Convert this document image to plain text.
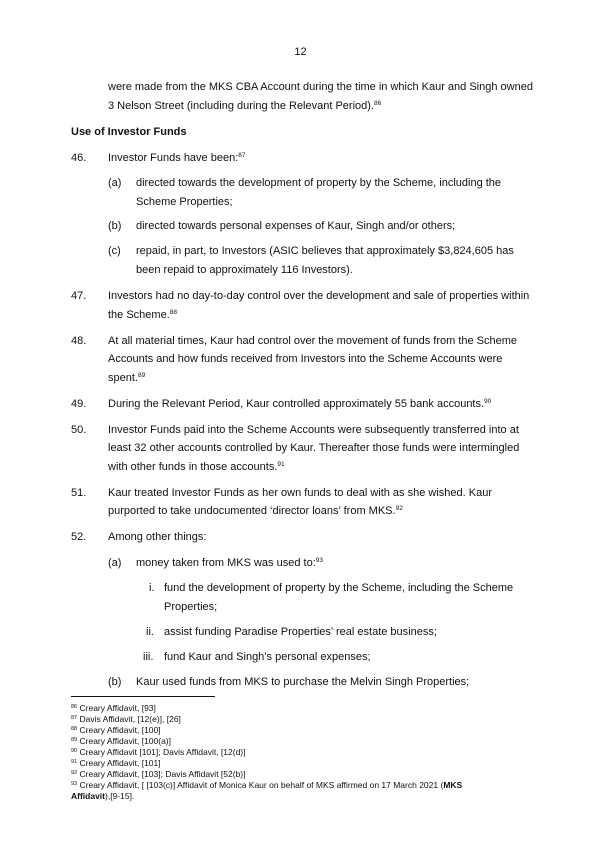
12
were made from the MKS CBA Account during the time in which Kaur and Singh owned
3 Nelson Street (including during the Relevant Period).$^{86}$
Use of Investor Funds
46. Investor Funds have been:$^{87}$
(a) directed towards the development of property by the Scheme, including the
Scheme Properties;
(b) directed towards personal expenses of Kaur, Singh and/or others;
(c) repaid, in part, to Investors (ASIC believes that approximately $3,824,605 has
been repaid to approximately 116 Investors).
47. Investors had no day-to-day control over the development and sale of properties within
the Scheme.$^{88}$
48. At all material times, Kaur had control over the movement of funds from the Scheme
Accounts and how funds received from Investors into the Scheme Accounts were
spent.$^{89}$
49. During the Relevant Period, Kaur controlled approximately 55 bank accounts.$^{90}$
50. Investor Funds paid into the Scheme Accounts were subsequently transferred into at
least 32 other accounts controlled by Kaur. Thereafter those funds were intermingled
with other funds in those accounts.$^{91}$
51. Kaur treated Investor Funds as her own funds to deal with as she wished. Kaur
purported to take undocumented ‘director loans’ from MKS.$^{92}$
52. Among other things:
(a) money taken from MKS was used to:$^{93}$
i. fund the development of property by the Scheme, including the Scheme
Properties;
ii. assist funding Paradise Properties’ real estate business;
iii. fund Kaur and Singh’s personal expenses;
(b) Kaur used funds from MKS to purchase the Melvin Singh Properties;
$^{86}$ Creary Affidavit, [93]
$^{87}$ Davis Affidavit, [12(e)], [26]
$^{88}$ Creary Affidavit, [100]
$^{89}$ Creary Affidavit, [100(a)]
$^{90}$ Creary Affidavit [101]; Davis Affidavit, [12(d)]
$^{91}$ Creary Affidavit, [101]
$^{92}$ Creary Affidavit, [103]; Davis Affidavit [52(b)]
$^{93}$ Creary Affidavit, [ [103(c)] Affidavit of Monica Kaur on behalf of MKS affirmed on 17 March 2021 (MKS
Affidavit),[9-15].
